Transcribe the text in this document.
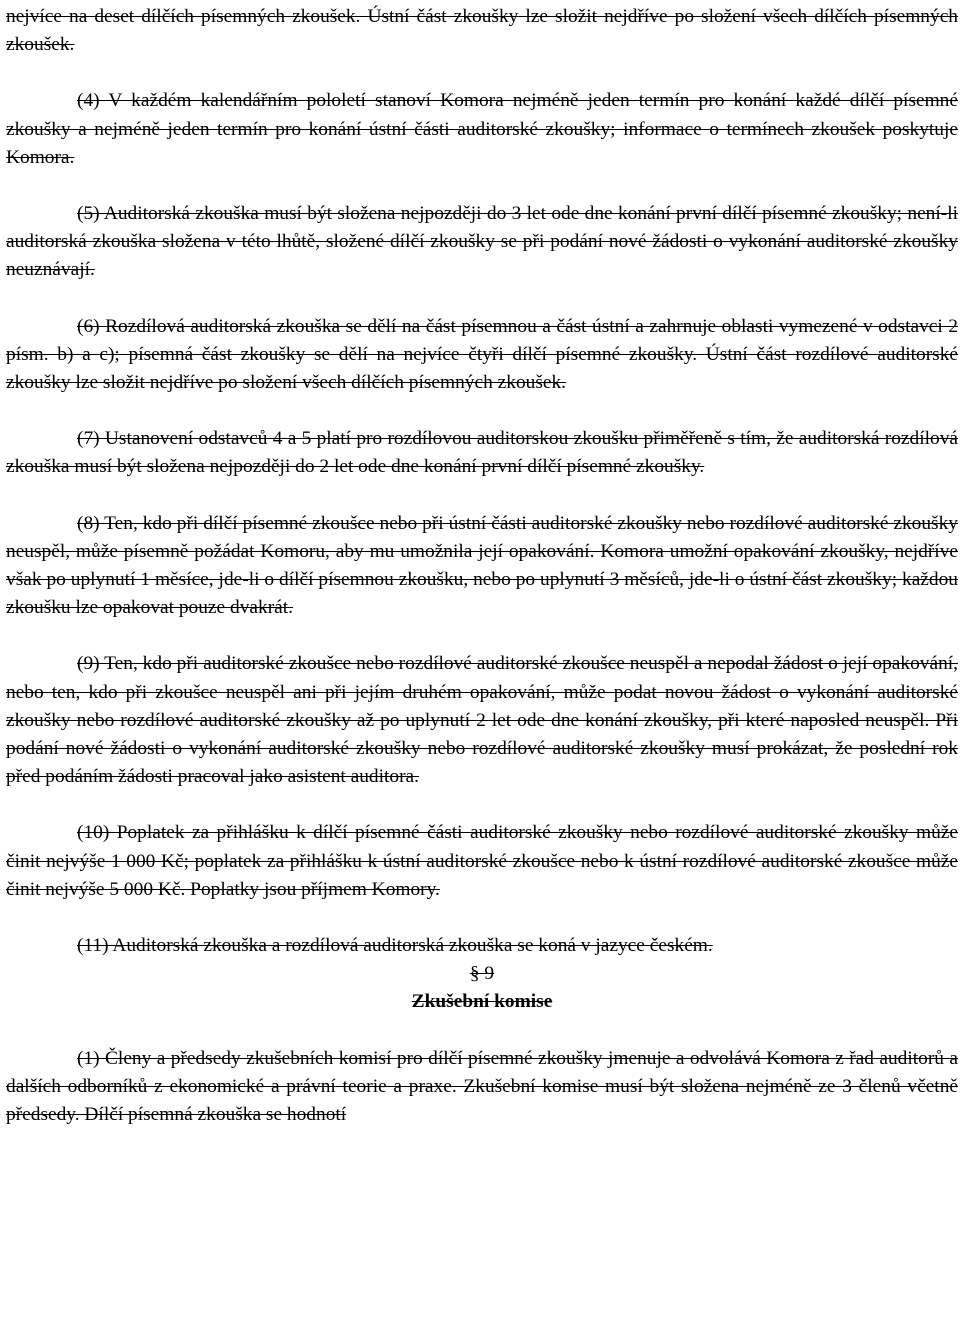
nejvíce na deset dílčích písemných zkoušek. Ústní část zkoušky lze složit nejdříve po složení všech dílčích písemných zkoušek.

(4) V každém kalendářním pololetí stanoví Komora nejméně jeden termín pro konání každé dílčí písemné zkoušky a nejméně jeden termín pro konání ústní části auditorské zkoušky; informace o termínech zkoušek poskytuje Komora.

(5) Auditorská zkouška musí být složena nejpozději do 3 let ode dne konání první dílčí písemné zkoušky; není-li auditorská zkouška složena v této lhůtě, složené dílčí zkoušky se při podání nové žádosti o vykonání auditorské zkoušky neuznávají.

(6) Rozdílová auditorská zkouška se dělí na část písemnou a část ústní a zahrnuje oblasti vymezené v odstavci 2 písm. b) a c); písemná část zkoušky se dělí na nejvíce čtyři dílčí písemné zkoušky. Ústní část rozdílové auditorské zkoušky lze složit nejdříve po složení všech dílčích písemných zkoušek.

(7) Ustanovení odstavců 4 a 5 platí pro rozdílovou auditorskou zkoušku přiměřeně s tím, že auditorská rozdílová zkouška musí být složena nejpozději do 2 let ode dne konání první dílčí písemné zkoušky.

(8) Ten, kdo při dílčí písemné zkoušce nebo při ústní části auditorské zkoušky nebo rozdílové auditorské zkoušky neuspěl, může písemně požádat Komoru, aby mu umožnila její opakování. Komora umožní opakování zkoušky, nejdříve však po uplynutí 1 měsíce, jde-li o dílčí písemnou zkoušku, nebo po uplynutí 3 měsíců, jde-li o ústní část zkoušky; každou zkoušku lze opakovat pouze dvakrát.

(9) Ten, kdo při auditorské zkoušce nebo rozdílové auditorské zkoušce neuspěl a nepodal žádost o její opakování, nebo ten, kdo při zkoušce neuspěl ani při jejím druhém opakování, může podat novou žádost o vykonání auditorské zkoušky nebo rozdílové auditorské zkoušky až po uplynutí 2 let ode dne konání zkoušky, při které naposled neuspěl. Při podání nové žádosti o vykonání auditorské zkoušky nebo rozdílové auditorské zkoušky musí prokázat, že poslední rok před podáním žádosti pracoval jako asistent auditora.

(10) Poplatek za přihlášku k dílčí písemné části auditorské zkoušky nebo rozdílové auditorské zkoušky může činit nejvýše 1 000 Kč; poplatek za přihlášku k ústní auditorské zkoušce nebo k ústní rozdílové auditorské zkoušce může činit nejvýše 5 000 Kč. Poplatky jsou příjmem Komory.

(11) Auditorská zkouška a rozdílová auditorská zkouška se koná v jazyce českém.

§ 9

Zkušební komise

(1) Členy a předsedy zkušebních komisí pro dílčí písemné zkoušky jmenuje a odvolává Komora z řad auditorů a dalších odborníků z ekonomické a právní teorie a praxe. Zkušební komise musí být složena nejméně ze 3 členů včetně předsedy. Dílčí písemná zkouška se hodnotí
